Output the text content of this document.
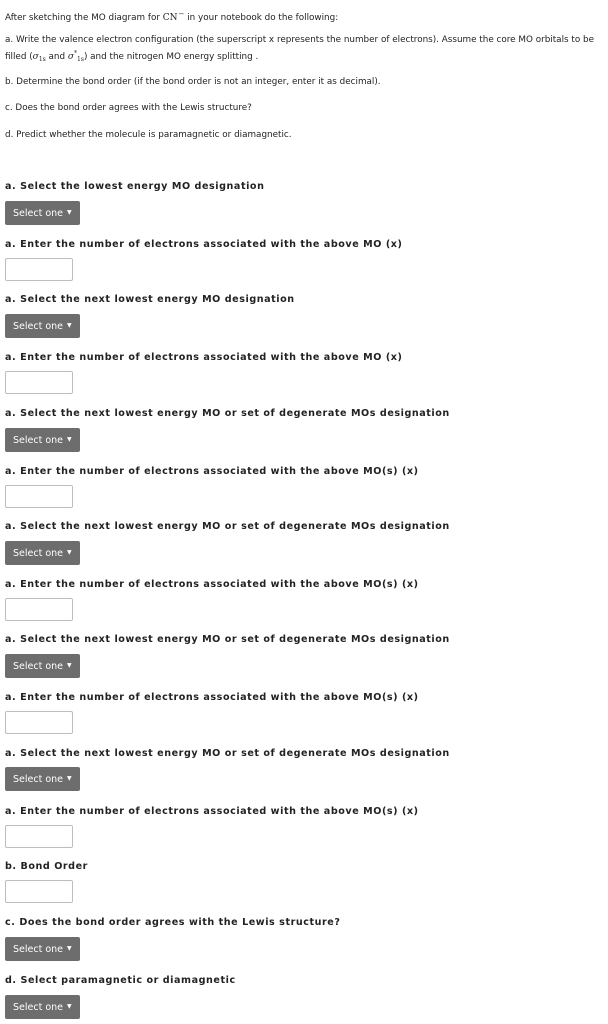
After sketching the MO diagram for CN− in your notebook do the following:

a. Write the valence electron configuration (the superscript x represents the number of electrons). Assume the core MO orbitals to be filled ($\sigma_{1s}$ and $\sigma^*_{1s}$) and the nitrogen MO energy splitting .

b. Determine the bond order (if the bond order is not an integer, enter it as decimal).

c. Does the bond order agrees with the Lewis structure?

d. Predict whether the molecule is paramagnetic or diamagnetic.

a. Select the lowest energy MO designation

Select one ▼

a. Enter the number of electrons associated with the above MO (x)

a. Select the next lowest energy MO designation

Select one ▼

a. Enter the number of electrons associated with the above MO (x)

a. Select the next lowest energy MO or set of degenerate MOs designation

Select one ▼

a. Enter the number of electrons associated with the above MO(s) (x)

a. Select the next lowest energy MO or set of degenerate MOs designation

Select one ▼

a. Enter the number of electrons associated with the above MO(s) (x)

a. Select the next lowest energy MO or set of degenerate MOs designation

Select one ▼

a. Enter the number of electrons associated with the above MO(s) (x)

a. Select the next lowest energy MO or set of degenerate MOs designation

Select one ▼

a. Enter the number of electrons associated with the above MO(s) (x)

b. Bond Order

c. Does the bond order agrees with the Lewis structure?

Select one ▼

d. Select paramagnetic or diamagnetic

Select one ▼
